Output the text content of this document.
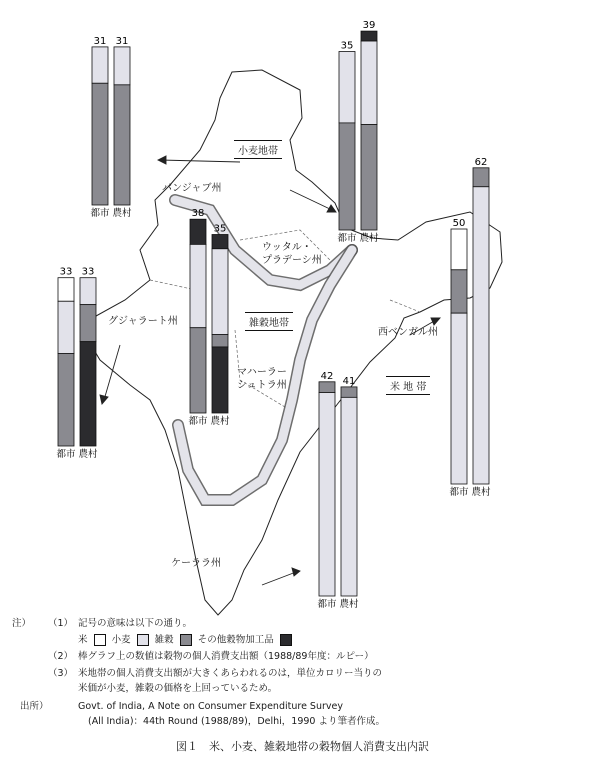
31
都市
31
農村
35
都市
39
農村
50
都市
62
農村
33
都市
33
農村
38
都市
35
農村
42
都市
41
農村
パンジャブ州
ウッタル・
プラデーシ州
グジャラート州
マハーラー
シュトラ州
西ベンガル州
ケーララ州
小麦地帯
雑穀地帯
米 地 帯
注） （1） 記号の意味は以下の通り。
米	小麦	雑穀	その他穀物加工品
（2） 棒グラフ上の数値は穀物の個人消費支出額（1988/89年度：ルピー）
（3） 米地帯の個人消費支出額が大きくあらわれるのは，単位カロリー当りの
米価が小麦，雑穀の価格を上回っているため。
出所）	Govt. of India, A Note on Consumer Expenditure Survey
(All India)：44th Round (1988/89)，Delhi，1990 より筆者作成。
図１　米、小麦、雑穀地帯の穀物個人消費支出内訳
